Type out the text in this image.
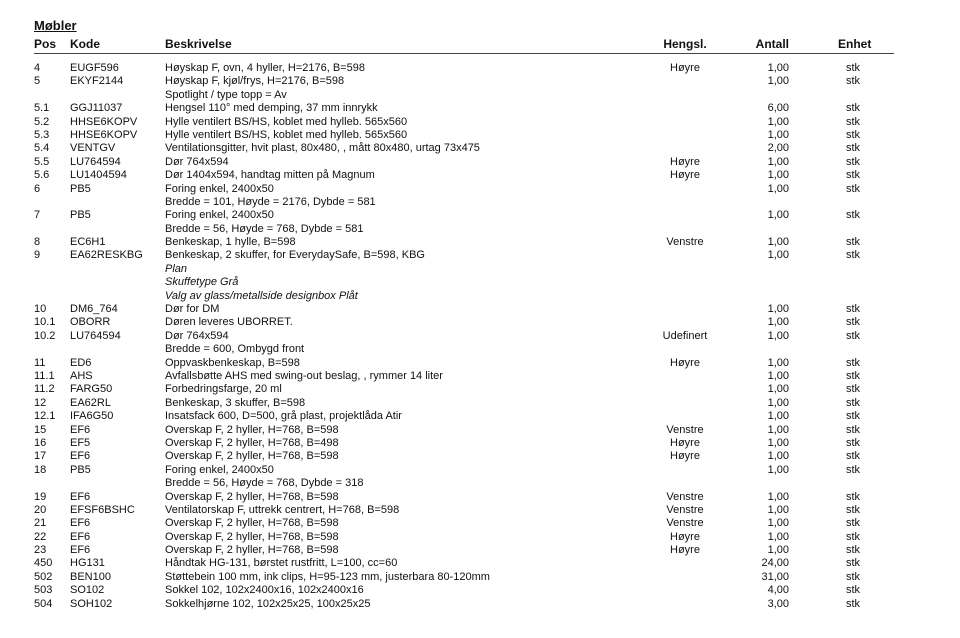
Møbler
Pos Kode	Beskrivelse	Hengsl.	Antall	Enhet
4	EUGF596	Høyskap F, ovn, 4 hyller, H=2176, B=598	Høyre	1,00	stk
5	EKYF2144	Høyskap F, kjøl/frys, H=2176, B=598	1,00	stk
Spotlight / type topp = Av
5.1 GGJ11037	Hengsel 110° med demping, 37 mm innrykk	6,00	stk
5.2 HHSE6KOPV	Hylle ventilert BS/HS, koblet med hylleb. 565x560	1,00	stk
5.3 HHSE6KOPV	Hylle ventilert BS/HS, koblet med hylleb. 565x560	1,00	stk
5.4 VENTGV	Ventilationsgitter, hvit plast, 80x480, , mått 80x480, urtag 73x475	2,00	stk
5.5 LU764594	Dør 764x594	Høyre	1,00	stk
5.6 LU1404594	Dør 1404x594, handtag mitten på Magnum	Høyre	1,00	stk
6	PB5	Foring enkel, 2400x50	1,00	stk
Bredde = 101, Høyde = 2176, Dybde = 581
7	PB5	Foring enkel, 2400x50	1,00	stk
Bredde = 56, Høyde = 768, Dybde = 581
8	EC6H1	Benkeskap, 1 hylle, B=598	Venstre	1,00	stk
9	EA62RESKBG Benkeskap, 2 skuffer, for EverydaySafe, B=598, KBG	1,00	stk
Plan
Skuffetype Grå
Valg av glass/metallside designbox Plåt
10 DM6_764	Dør for DM	1,00	stk
10.1 OBORR	Døren leveres UBORRET.	1,00	stk
10.2 LU764594	Dør 764x594	Udefinert	1,00	stk
Bredde = 600, Ombygd front
11 ED6	Oppvaskbenkeskap, B=598	Høyre	1,00	stk
11.1 AHS	Avfallsbøtte AHS med swing-out beslag, , rymmer 14 liter	1,00	stk
11.2 FARG50	Forbedringsfarge, 20 ml	1,00	stk
12 EA62RL	Benkeskap, 3 skuffer, B=598	1,00	stk
12.1 IFA6G50	Insatsfack 600, D=500, grå plast, projektlåda Atir	1,00	stk
15 EF6	Overskap F, 2 hyller, H=768, B=598	Venstre	1,00	stk
16 EF5	Overskap F, 2 hyller, H=768, B=498	Høyre	1,00	stk
17 EF6	Overskap F, 2 hyller, H=768, B=598	Høyre	1,00	stk
18 PB5	Foring enkel, 2400x50	1,00	stk
Bredde = 56, Høyde = 768, Dybde = 318
19 EF6	Overskap F, 2 hyller, H=768, B=598	Venstre	1,00	stk
20 EFSF6BSHC	Ventilatorskap F, uttrekk centrert, H=768, B=598	Venstre	1,00	stk
21 EF6	Overskap F, 2 hyller, H=768, B=598	Venstre	1,00	stk
22 EF6	Overskap F, 2 hyller, H=768, B=598	Høyre	1,00	stk
23 EF6	Overskap F, 2 hyller, H=768, B=598	Høyre	1,00	stk
450 HG131	Håndtak HG-131, børstet rustfritt, L=100, cc=60	24,00	stk
502 BEN100	Støttebein 100 mm, ink clips, H=95-123 mm, justerbara 80-120mm	31,00	stk
503 SO102	Sokkel 102, 102x2400x16, 102x2400x16	4,00	stk
504 SOH102	Sokkelhjørne 102, 102x25x25, 100x25x25	3,00	stk
